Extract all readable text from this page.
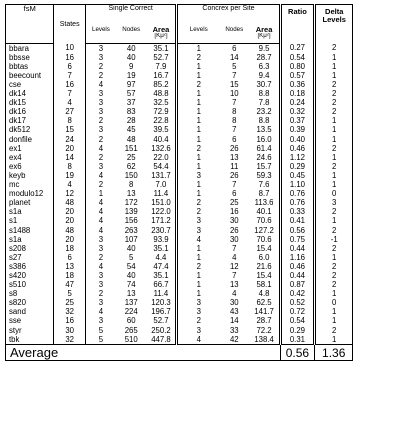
fsM	States	Single Correct			Concrex per Site			Ratio	Delta Levels
		Levels	Nodes	Area	Levels	Nodes	Area		
				[Kμ²]			[Kμ²]		
bbara	10	3	40	35.1	1	6	9.5	0.27	2
bbsse	16	3	40	52.7	2	14	28.7	0.54	1
bbtas	6	2	9	7.9	1	5	6.3	0.80	1
beecount	7	2	19	16.7	1	7	9.4	0.57	1
cse	16	4	97	85.2	2	15	30.7	0.36	2
dk14	7	3	57	48.8	1	10	8.8	0.18	2
dk15	4	3	37	32.5	1	7	7.8	0.24	2
dk16	27	3	83	72.9	1	8	23.2	0.32	2
dk17	8	2	28	22.8	1	8	8.8	0.37	1
dk512	15	3	45	39.5	1	7	13.5	0.39	1
donfile	24	2	48	40.4	1	6	16.0	0.40	1
ex1	20	4	151	132.6	2	26	61.4	0.46	2
ex4	14	2	25	22.0	1	13	24.6	1.12	1
ex6	8	3	62	54.4	1	11	15.7	0.29	2
keyb	19	4	150	131.7	3	26	59.3	0.45	1
mc	4	2	8	7.0	1	7	7.6	1.10	1
modulo12	12	1	13	11.4	1	6	8.7	0.76	0
planet	48	4	172	151.0	2	25	113.6	0.76	3
s1a	20	4	139	122.0	2	16	40.1	0.33	2
s1	20	4	156	171.2	3	30	70.6	0.41	1
s1488	48	4	263	230.7	3	26	127.2	0.56	2
s1a	20	3	107	93.9	4	30	70.6	0.75	-1
s208	18	3	40	35.1	1	7	15.4	0.44	2
s27	6	2	5	4.4	1	4	6.0	1.16	1
s386	13	4	54	47.4	2	12	21.6	0.46	2
s420	18	3	40	35.1	1	7	15.4	0.44	2
s510	47	3	74	66.7	1	13	58.1	0.87	2
s8	5	2	13	11.4	1	4	4.8	0.42	1
s820	25	3	137	120.3	3	30	62.5	0.52	0
sand	32	4	224	196.7	3	43	141.7	0.72	1
sse	16	3	60	52.7	2	14	28.7	0.54	1
styr	30	5	265	250.2	3	33	72.2	0.29	2
tbk	32	5	510	447.8	4	42	138.4	0.31	1
Average								0.56	1.36
